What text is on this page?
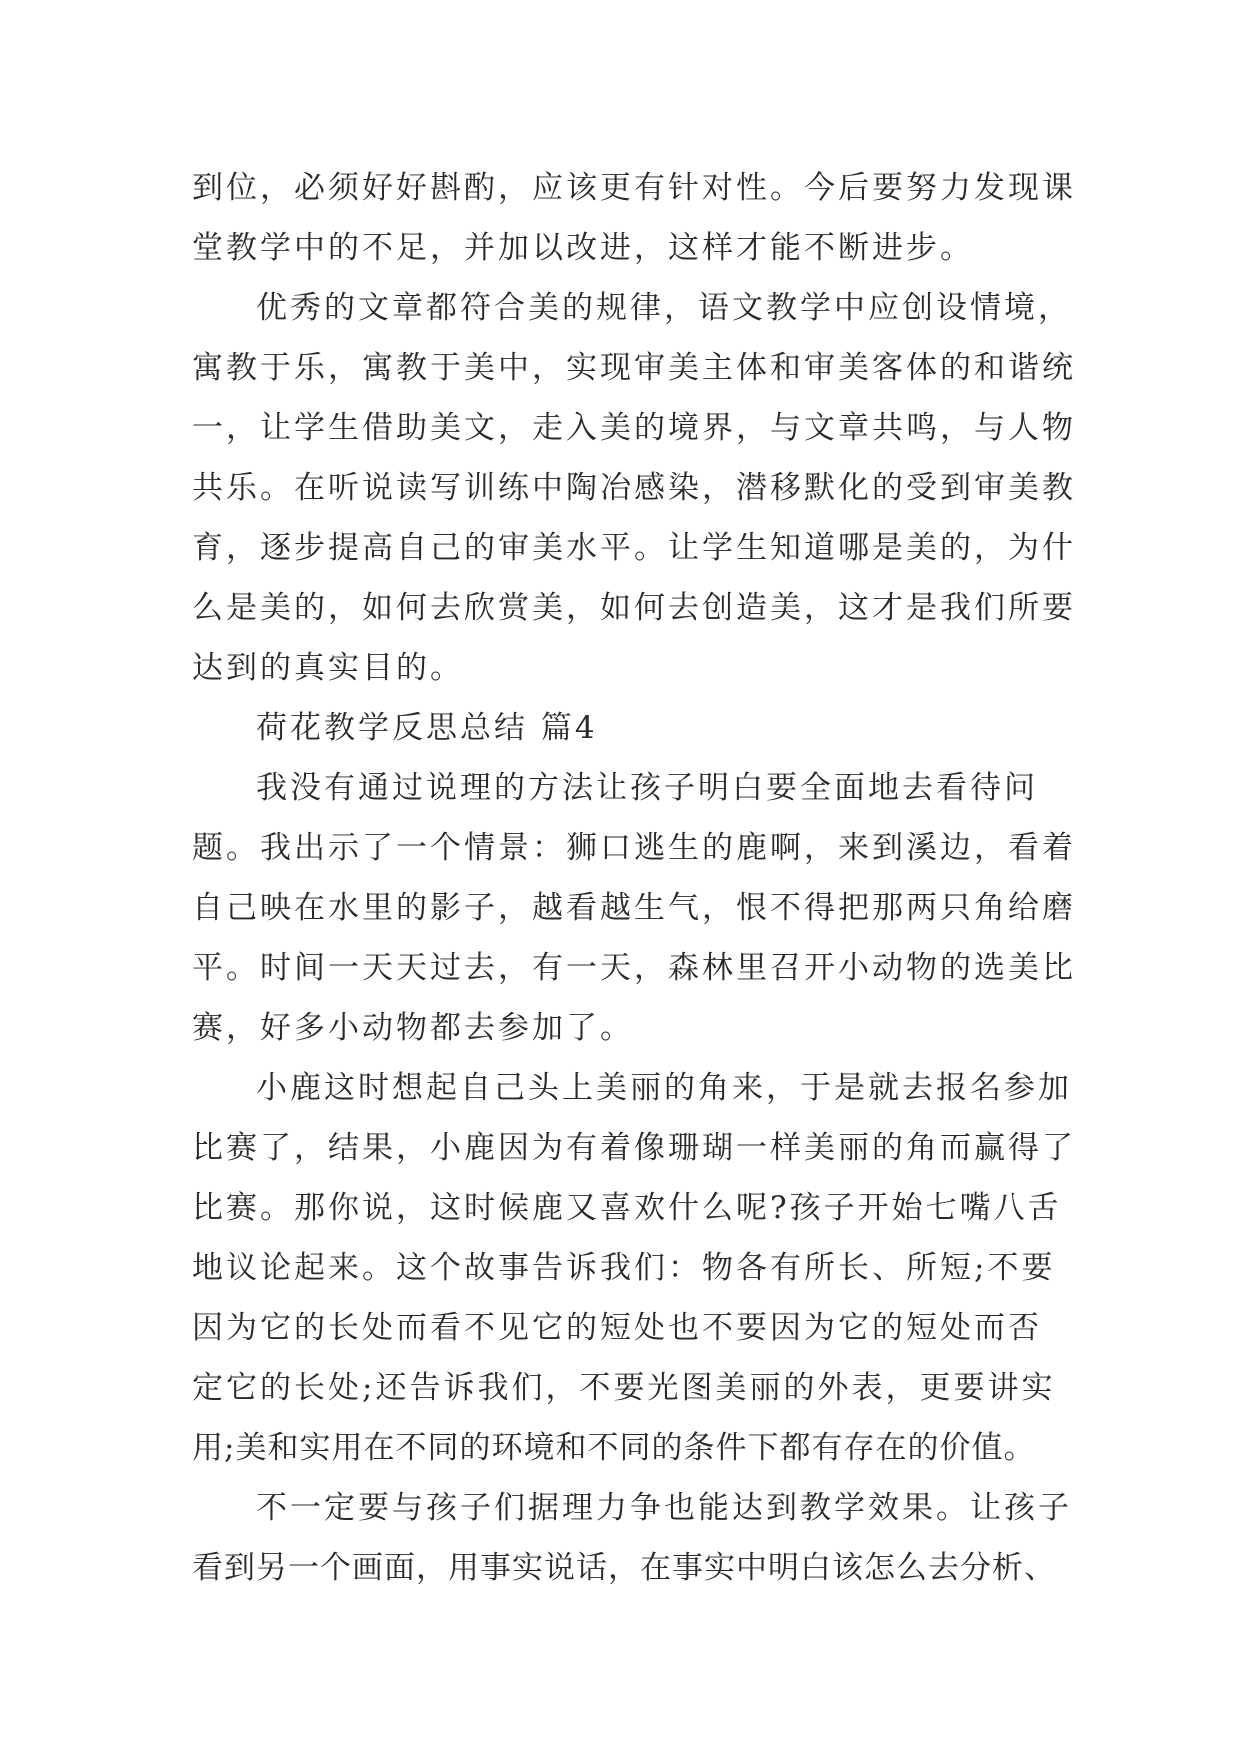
到位，必须好好斟酌，应该更有针对性。今后要努力发现课
堂教学中的不足，并加以改进，这样才能不断进步。
优秀的文章都符合美的规律，语文教学中应创设情境，
寓教于乐，寓教于美中，实现审美主体和审美客体的和谐统
一，让学生借助美文，走入美的境界，与文章共鸣，与人物
共乐。在听说读写训练中陶冶感染，潜移默化的受到审美教
育，逐步提高自己的审美水平。让学生知道哪是美的，为什
么是美的，如何去欣赏美，如何去创造美，这才是我们所要
达到的真实目的。
荷花教学反思总结 篇4
我没有通过说理的方法让孩子明白要全面地去看待问
题。我出示了一个情景：狮口逃生的鹿啊，来到溪边，看着
自己映在水里的影子，越看越生气，恨不得把那两只角给磨
平。时间一天天过去，有一天，森林里召开小动物的选美比
赛，好多小动物都去参加了。
小鹿这时想起自己头上美丽的角来，于是就去报名参加
比赛了，结果，小鹿因为有着像珊瑚一样美丽的角而赢得了
比赛。那你说，这时候鹿又喜欢什么呢?孩子开始七嘴八舌
地议论起来。这个故事告诉我们：物各有所长、所短;不要
因为它的长处而看不见它的短处也不要因为它的短处而否
定它的长处;还告诉我们，不要光图美丽的外表，更要讲实
用;美和实用在不同的环境和不同的条件下都有存在的价值。
不一定要与孩子们据理力争也能达到教学效果。让孩子
看到另一个画面，用事实说话，在事实中明白该怎么去分析、
